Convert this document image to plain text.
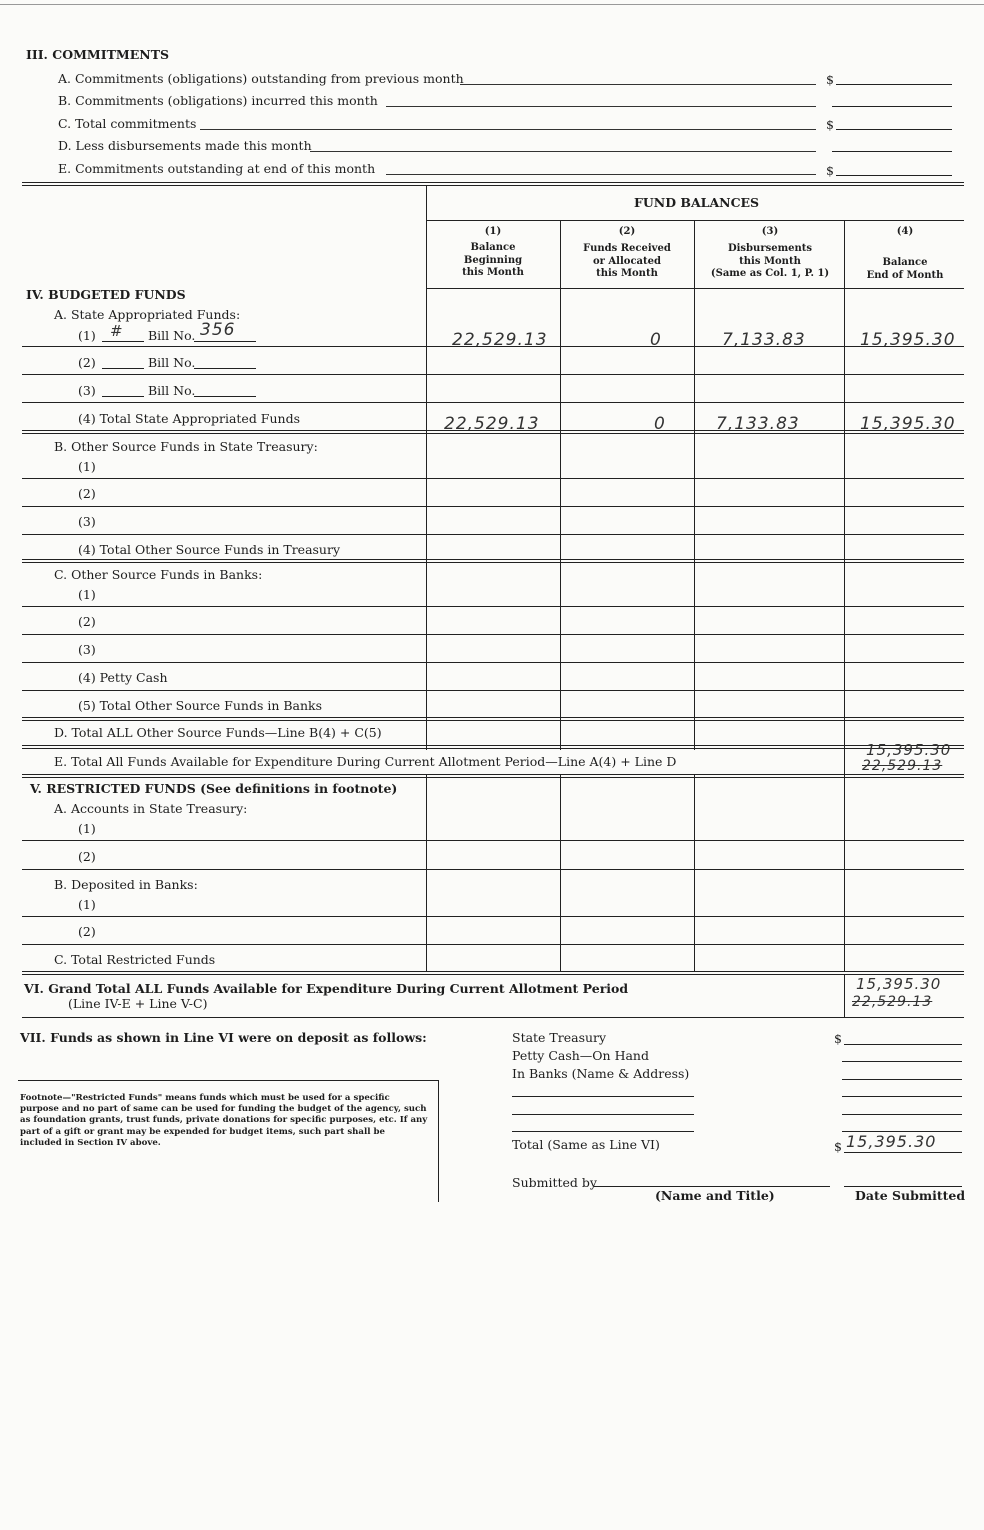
III. COMMITMENTS
A. Commitments (obligations) outstanding from previous month	$
B. Commitments (obligations) incurred this month
C. Total commitments	$
D. Less disbursements made this month
E. Commitments outstanding at end of this month	$
FUND BALANCES
(1)
Balance
Beginning
this Month
(2)
Funds Received
or Allocated
this Month
(3)
Disbursements
this Month
(Same as Col. 1, P. 1)
(4)
Balance
End of Month
IV. BUDGETED FUNDS
A. State Appropriated Funds:
(1) # Bill No. 356	22,529.13	0	7,133.83	15,395.30
(2)	Bill No.
(3)	Bill No.
(4) Total State Appropriated Funds	22,529.13	0	7,133.83	15,395.30
B. Other Source Funds in State Treasury:
(1)
(2)
(3)
(4) Total Other Source Funds in Treasury
C. Other Source Funds in Banks:
(1)
(2)
(3)
(4) Petty Cash
(5) Total Other Source Funds in Banks
D. Total ALL Other Source Funds—Line B(4) + C(5)
E. Total All Funds Available for Expenditure During Current Allotment Period—Line A(4) + Line D
15,395.30
22,529.13
V. RESTRICTED FUNDS (See definitions in footnote)
A. Accounts in State Treasury:
(1)
(2)
B. Deposited in Banks:
(1)
(2)
C. Total Restricted Funds
VI. Grand Total ALL Funds Available for Expenditure During Current Allotment Period
(Line IV-E + Line V-C)
15,395.30
22,529.13
VII. Funds as shown in Line VI were on deposit as follows:	State Treasury	$
Petty Cash—On Hand
In Banks (Name & Address)
Total (Same as Line VI)	$ 15,395.30
Submitted by
(Name and Title)	Date Submitted
Footnote—"Restricted Funds" means funds which must be used for a specific purpose and no part of same can be used for funding the budget of the agency, such as foundation grants, trust funds, private donations for specific purposes, etc. If any part of a gift or grant may be expended for budget items, such part shall be included in Section IV above.
